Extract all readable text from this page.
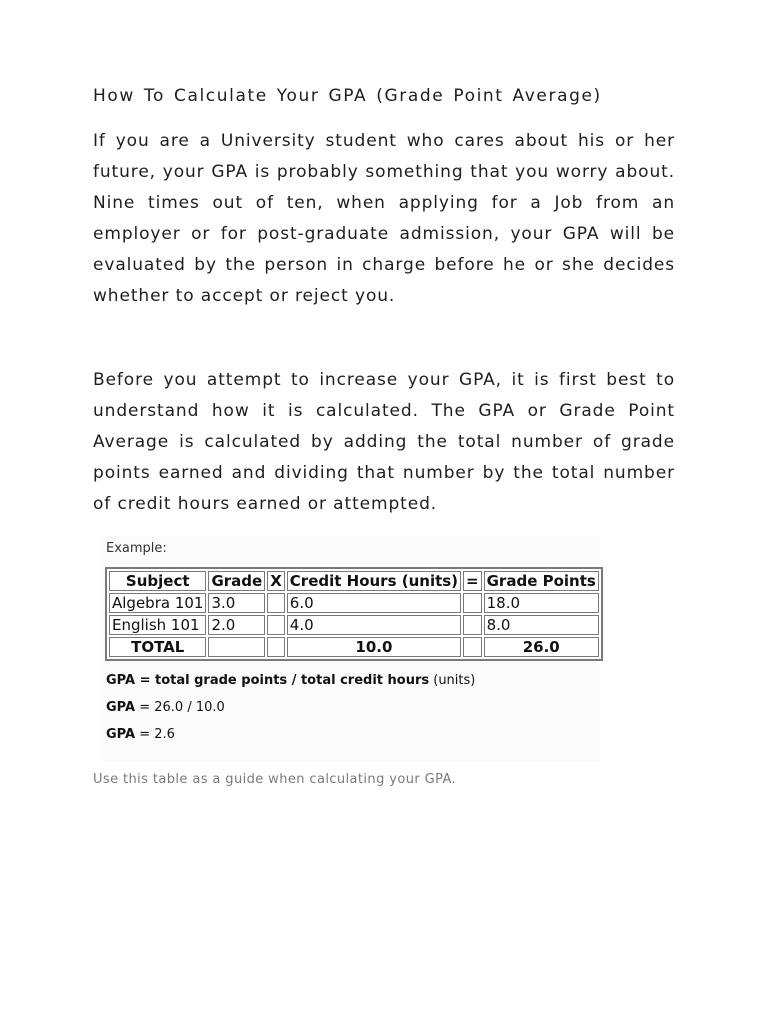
How To Calculate Your GPA (Grade Point Average)
If you are a University student who cares about his or her future, your GPA is probably something that you worry about. Nine times out of ten, when applying for a Job from an employer or for post-graduate admission, your GPA will be evaluated by the person in charge before he or she decides whether to accept or reject you.
Before you attempt to increase your GPA, it is first best to understand how it is calculated. The GPA or Grade Point Average is calculated by adding the total number of grade points earned and dividing that number by the total number of credit hours earned or attempted.
Example:
Subject	Grade	X	Credit Hours (units)	=	Grade Points
Algebra 101	3.0		6.0		18.0
English 101	2.0		4.0		8.0
TOTAL			10.0		26.0
GPA = total grade points / total credit hours (units)
GPA = 26.0 / 10.0
GPA = 2.6
Use this table as a guide when calculating your GPA.
